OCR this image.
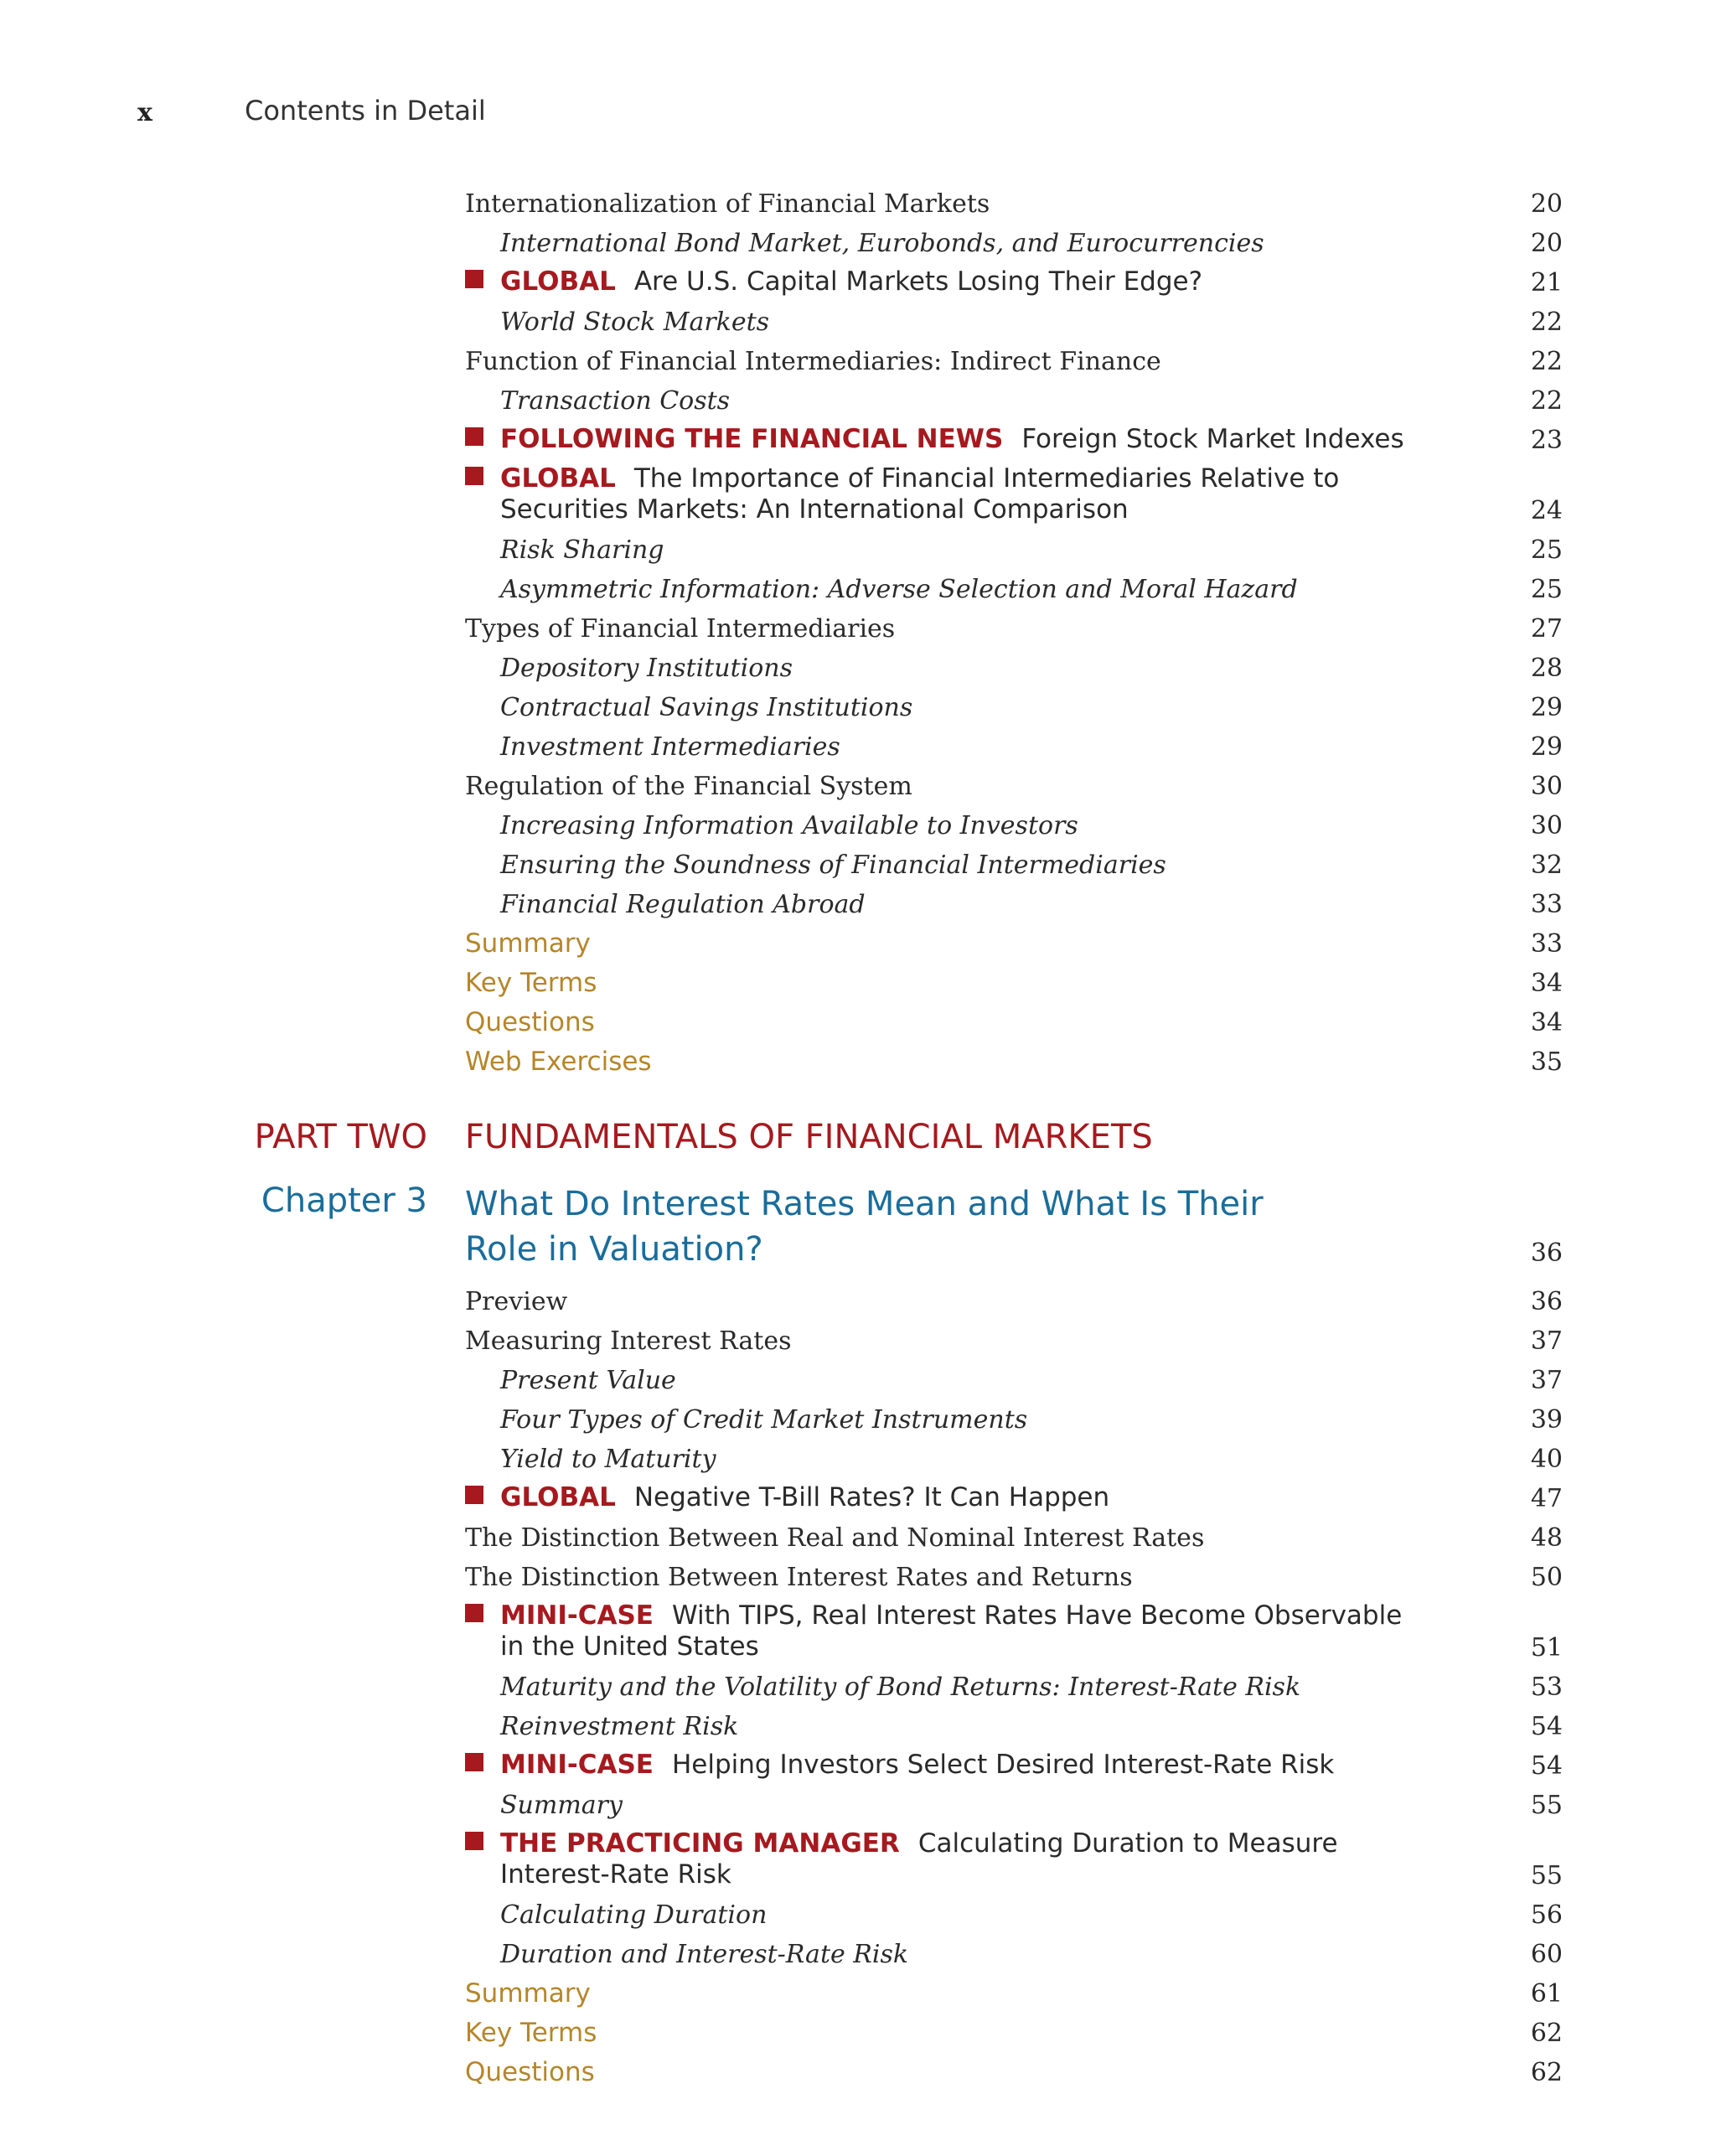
x	Contents in Detail
Internationalization of Financial Markets	20
International Bond Market, Eurobonds, and Eurocurrencies	20
GLOBAL Are U.S. Capital Markets Losing Their Edge?	21
World Stock Markets	22
Function of Financial Intermediaries: Indirect Finance	22
Transaction Costs	22
FOLLOWING THE FINANCIAL NEWS Foreign Stock Market Indexes	23
GLOBAL The Importance of Financial Intermediaries Relative to
Securities Markets: An International Comparison	24
Risk Sharing	25
Asymmetric Information: Adverse Selection and Moral Hazard	25
Types of Financial Intermediaries	27
Depository Institutions	28
Contractual Savings Institutions	29
Investment Intermediaries	29
Regulation of the Financial System	30
Increasing Information Available to Investors	30
Ensuring the Soundness of Financial Intermediaries	32
Financial Regulation Abroad	33
Summary	33
Key Terms	34
Questions	34
Web Exercises	35
PART TWO FUNDAMENTALS OF FINANCIAL MARKETS
Chapter 3 What Do Interest Rates Mean and What Is Their
Role in Valuation?	36
Preview	36
Measuring Interest Rates	37
Present Value	37
Four Types of Credit Market Instruments	39
Yield to Maturity	40
GLOBAL Negative T-Bill Rates? It Can Happen	47
The Distinction Between Real and Nominal Interest Rates	48
The Distinction Between Interest Rates and Returns	50
MINI-CASE With TIPS, Real Interest Rates Have Become Observable
in the United States	51
Maturity and the Volatility of Bond Returns: Interest-Rate Risk	53
Reinvestment Risk	54
MINI-CASE Helping Investors Select Desired Interest-Rate Risk	54
Summary	55
THE PRACTICING MANAGER Calculating Duration to Measure
Interest-Rate Risk	55
Calculating Duration	56
Duration and Interest-Rate Risk	60
Summary	61
Key Terms	62
Questions	62
